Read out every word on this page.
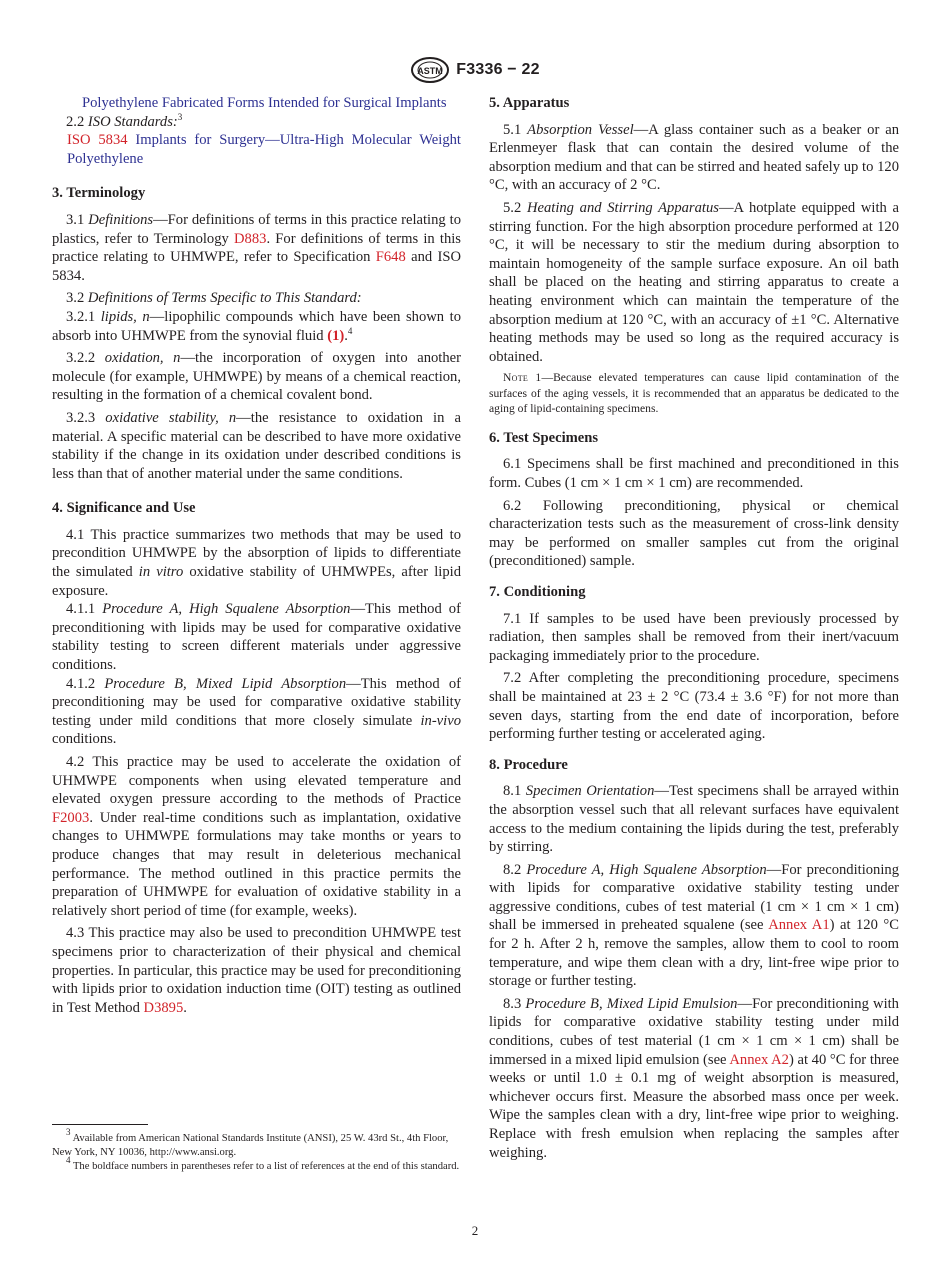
ASTM F3336 − 22

Polyethylene Fabricated Forms Intended for Surgical Implants

2.2 ISO Standards:$^3$

ISO 5834 Implants for Surgery—Ultra-High Molecular Weight Polyethylene

3. Terminology

3.1 Definitions—For definitions of terms in this practice relating to plastics, refer to Terminology D883. For definitions of terms in this practice relating to UHMWPE, refer to Specification F648 and ISO 5834.

3.2 Definitions of Terms Specific to This Standard:

3.2.1 lipids, n—lipophilic compounds which have been shown to absorb into UHMWPE from the synovial fluid (1).$^4$

3.2.2 oxidation, n—the incorporation of oxygen into another molecule (for example, UHMWPE) by means of a chemical reaction, resulting in the formation of a chemical covalent bond.

3.2.3 oxidative stability, n—the resistance to oxidation in a material. A specific material can be described to have more oxidative stability if the change in its oxidation under described conditions is less than that of another material under the same conditions.

4. Significance and Use

4.1 This practice summarizes two methods that may be used to precondition UHMWPE by the absorption of lipids to differentiate the simulated in vitro oxidative stability of UHMWPEs, after lipid exposure.

4.1.1 Procedure A, High Squalene Absorption—This method of preconditioning with lipids may be used for comparative oxidative stability testing to screen different materials under aggressive conditions.

4.1.2 Procedure B, Mixed Lipid Absorption—This method of preconditioning may be used for comparative oxidative stability testing under mild conditions that more closely simulate in-vivo conditions.

4.2 This practice may be used to accelerate the oxidation of UHMWPE components when using elevated temperature and elevated oxygen pressure according to the methods of Practice F2003. Under real-time conditions such as implantation, oxidative changes to UHMWPE formulations may take months or years to produce changes that may result in deleterious mechanical performance. The method outlined in this practice permits the preparation of UHMWPE for evaluation of oxidative stability in a relatively short period of time (for example, weeks).

4.3 This practice may also be used to precondition UHMWPE test specimens prior to characterization of their physical and chemical properties. In particular, this practice may be used for preconditioning with lipids prior to oxidation induction time (OIT) testing as outlined in Test Method D3895.

5. Apparatus

5.1 Absorption Vessel—A glass container such as a beaker or an Erlenmeyer flask that can contain the desired volume of the absorption medium and that can be stirred and heated safely up to 120 °C, with an accuracy of 2 °C.

5.2 Heating and Stirring Apparatus—A hotplate equipped with a stirring function. For the high absorption procedure performed at 120 °C, it will be necessary to stir the medium during absorption to maintain homogeneity of the sample surface exposure. An oil bath shall be placed on the heating and stirring apparatus to create a heating environment which can maintain the temperature of the absorption medium at 120 °C, with an accuracy of ±1 °C. Alternative heating methods may be used so long as the required accuracy is obtained.

Note 1—Because elevated temperatures can cause lipid contamination of the surfaces of the aging vessels, it is recommended that an apparatus be dedicated to the aging of lipid-containing specimens.

6. Test Specimens

6.1 Specimens shall be first machined and preconditioned in this form. Cubes (1 cm × 1 cm × 1 cm) are recommended.

6.2 Following preconditioning, physical or chemical characterization tests such as the measurement of cross-link density may be performed on smaller samples cut from the original (preconditioned) sample.

7. Conditioning

7.1 If samples to be used have been previously processed by radiation, then samples shall be removed from their inert/vacuum packaging immediately prior to the procedure.

7.2 After completing the preconditioning procedure, specimens shall be maintained at 23 ± 2 °C (73.4 ± 3.6 °F) for not more than seven days, starting from the end date of incorporation, before performing further testing or accelerated aging.

8. Procedure

8.1 Specimen Orientation—Test specimens shall be arrayed within the absorption vessel such that all relevant surfaces have equivalent access to the medium containing the lipids during the test, preferably by stirring.

8.2 Procedure A, High Squalene Absorption—For preconditioning with lipids for comparative oxidative stability testing under aggressive conditions, cubes of test material (1 cm × 1 cm × 1 cm) shall be immersed in preheated squalene (see Annex A1) at 120 °C for 2 h. After 2 h, remove the samples, allow them to cool to room temperature, and wipe them clean with a dry, lint-free wipe prior to storage or further testing.

8.3 Procedure B, Mixed Lipid Emulsion—For preconditioning with lipids for comparative oxidative stability testing under mild conditions, cubes of test material (1 cm × 1 cm × 1 cm) shall be immersed in a mixed lipid emulsion (see Annex A2) at 40 °C for three weeks or until 1.0 ± 0.1 mg of weight absorption is measured, whichever occurs first. Measure the absorbed mass once per week. Wipe the samples clean with a dry, lint-free wipe prior to weighing. Replace with fresh emulsion when replacing the samples after weighing.

$^3$ Available from American National Standards Institute (ANSI), 25 W. 43rd St., 4th Floor, New York, NY 10036, http://www.ansi.org.

$^4$ The boldface numbers in parentheses refer to a list of references at the end of this standard.

2
